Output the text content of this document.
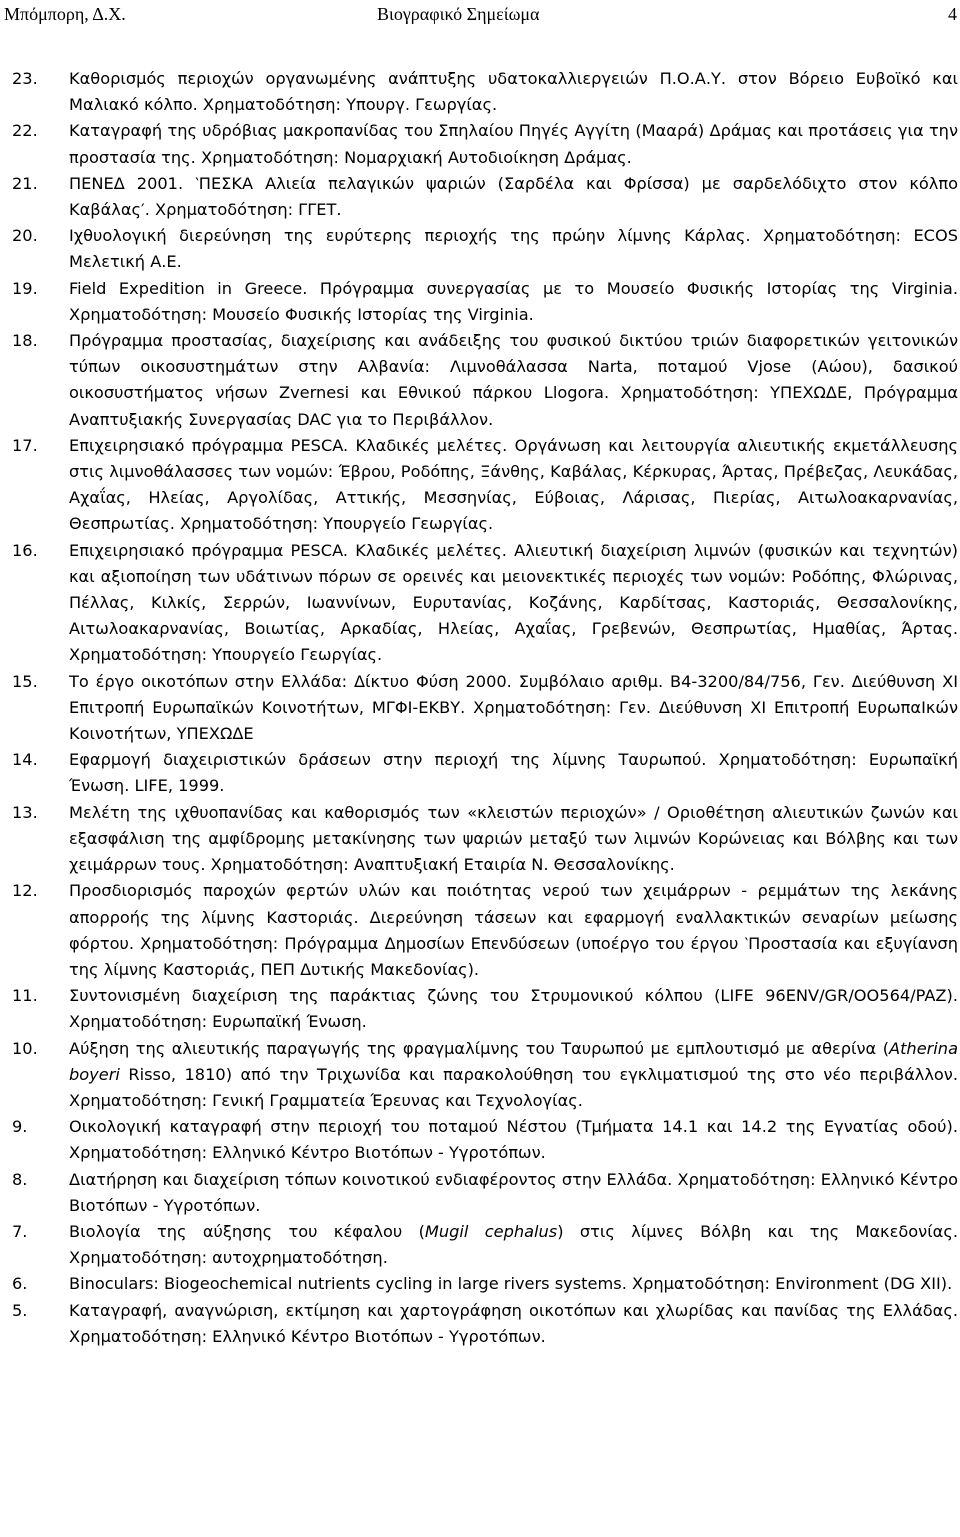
Μπόμπορη, Δ.Χ.	Βιογραφικό Σημείωμα	4
23.	Καθορισμός περιοχών οργανωμένης ανάπτυξης υδατοκαλλιεργειών Π.Ο.Α.Υ. στον Βόρειο Ευβοϊκό και Μαλιακό κόλπο. Χρηματοδότηση: Υπουργ. Γεωργίας.
22.	Καταγραφή της υδρόβιας μακροπανίδας του Σπηλαίου Πηγές Αγγίτη (Μααρά) Δράμας και προτάσεις για την προστασία της. Χρηματοδότηση: Νομαρχιακή Αυτοδιοίκηση Δράμας.
21.	ΠΕΝΕΔ 2001. ‵ΠΕΣΚΑ Αλιεία πελαγικών ψαριών (Σαρδέλα και Φρίσσα) με σαρδελόδιχτο στον κόλπο Καβάλας′. Χρηματοδότηση: ΓΓΕΤ.
20.	Ιχθυολογική διερεύνηση της ευρύτερης περιοχής της πρώην λίμνης Κάρλας. Χρηματοδότηση: ECOS Μελετική Α.Ε.
19.	Field Expedition in Greece. Πρόγραμμα συνεργασίας με το Μουσείο Φυσικής Ιστορίας της Virginia. Χρηματοδότηση: Μουσείο Φυσικής Ιστορίας της Virginia.
18.	Πρόγραμμα προστασίας, διαχείρισης και ανάδειξης του φυσικού δικτύου τριών διαφορετικών γειτονικών τύπων οικοσυστημάτων στην Αλβανία: Λιμνοθάλασσα Narta, ποταμού Vjose (Αώου), δασικού οικοσυστήματος νήσων Zvernesi και Εθνικού πάρκου Llogora. Χρηματοδότηση: ΥΠΕΧΩΔΕ, Πρόγραμμα Αναπτυξιακής Συνεργασίας DAC για το Περιβάλλον.
17.	Επιχειρησιακό πρόγραμμα PESCA. Κλαδικές μελέτες. Οργάνωση και λειτουργία αλιευτικής εκμετάλλευσης στις λιμνοθάλασσες των νομών: Έβρου, Ροδόπης, Ξάνθης, Καβάλας, Κέρκυρας, Άρτας, Πρέβεζας, Λευκάδας, Αχαΐας, Ηλείας, Αργολίδας, Αττικής, Μεσσηνίας, Εύβοιας, Λάρισας, Πιερίας, Αιτωλοακαρνανίας, Θεσπρωτίας. Χρηματοδότηση: Υπουργείο Γεωργίας.
16.	Επιχειρησιακό πρόγραμμα PESCA. Κλαδικές μελέτες. Αλιευτική διαχείριση λιμνών (φυσικών και τεχνητών) και αξιοποίηση των υδάτινων πόρων σε ορεινές και μειονεκτικές περιοχές των νομών: Ροδόπης, Φλώρινας, Πέλλας, Κιλκίς, Σερρών, Ιωαννίνων, Ευρυτανίας, Κοζάνης, Καρδίτσας, Καστοριάς, Θεσσαλονίκης, Αιτωλοακαρνανίας, Βοιωτίας, Αρκαδίας, Ηλείας, Αχαΐας, Γρεβενών, Θεσπρωτίας, Ημαθίας, Άρτας. Χρηματοδότηση: Υπουργείο Γεωργίας.
15.	Το έργο οικοτόπων στην Ελλάδα: Δίκτυο Φύση 2000. Συμβόλαιο αριθμ. B4-3200/84/756, Γεν. Διεύθυνση XI Επιτροπή Ευρωπαϊκών Κοινοτήτων, ΜΓΦΙ-ΕΚΒΥ. Χρηματοδότηση: Γεν. Διεύθυνση XI Επιτροπή ΕυρωπαΙκών Κοινοτήτων, ΥΠΕΧΩΔΕ
14.	Εφαρμογή διαχειριστικών δράσεων στην περιοχή της λίμνης Ταυρωπού. Χρηματοδότηση: Ευρωπαϊκή Ένωση. LIFE, 1999.
13.	Μελέτη της ιχθυοπανίδας και καθορισμός των «κλειστών περιοχών» / Οριοθέτηση αλιευτικών ζωνών και εξασφάλιση της αμφίδρομης μετακίνησης των ψαριών μεταξύ των λιμνών Κορώνειας και Βόλβης και των χειμάρρων τους. Χρηματοδότηση: Αναπτυξιακή Εταιρία Ν. Θεσσαλονίκης.
12.	Προσδιορισμός παροχών φερτών υλών και ποιότητας νερού των χειμάρρων - ρεμμάτων της λεκάνης απορροής της λίμνης Καστοριάς. Διερεύνηση τάσεων και εφαρμογή εναλλακτικών σεναρίων μείωσης φόρτου. Χρηματοδότηση: Πρόγραμμα Δημοσίων Επενδύσεων (υποέργο του έργου ‵Προστασία και εξυγίανση της λίμνης Καστοριάς, ΠΕΠ Δυτικής Μακεδονίας).
11.	Συντονισμένη διαχείριση της παράκτιας ζώνης του Στρυμονικού κόλπου (LIFE 96ENV/GR/OO564/PAZ). Χρηματοδότηση: Ευρωπαϊκή Ένωση.
10.	Αύξηση της αλιευτικής παραγωγής της φραγμαλίμνης του Ταυρωπού με εμπλουτισμό με αθερίνα (Atherina boyeri Risso, 1810) από την Τριχωνίδα και παρακολούθηση του εγκλιματισμού της στο νέο περιβάλλον. Χρηματοδότηση: Γενική Γραμματεία Έρευνας και Τεχνολογίας.
9.	Οικολογική καταγραφή στην περιοχή του ποταμού Νέστου (Τμήματα 14.1 και 14.2 της Εγνατίας οδού). Χρηματοδότηση: Ελληνικό Κέντρο Βιοτόπων - Υγροτόπων.
8.	Διατήρηση και διαχείριση τόπων κοινοτικού ενδιαφέροντος στην Ελλάδα. Χρηματοδότηση: Ελληνικό Κέντρο Βιοτόπων - Υγροτόπων.
7.	Βιολογία της αύξησης του κέφαλου (Mugil cephalus) στις λίμνες Βόλβη και της Μακεδονίας. Χρηματοδότηση: αυτοχρηματοδότηση.
6.	Binoculars: Biogeochemical nutrients cycling in large rivers systems. Χρηματοδότηση: Environment (DG XII).
5.	Καταγραφή, αναγνώριση, εκτίμηση και χαρτογράφηση οικοτόπων και χλωρίδας και πανίδας της Ελλάδας. Χρηματοδότηση: Ελληνικό Κέντρο Βιοτόπων - Υγροτόπων.
